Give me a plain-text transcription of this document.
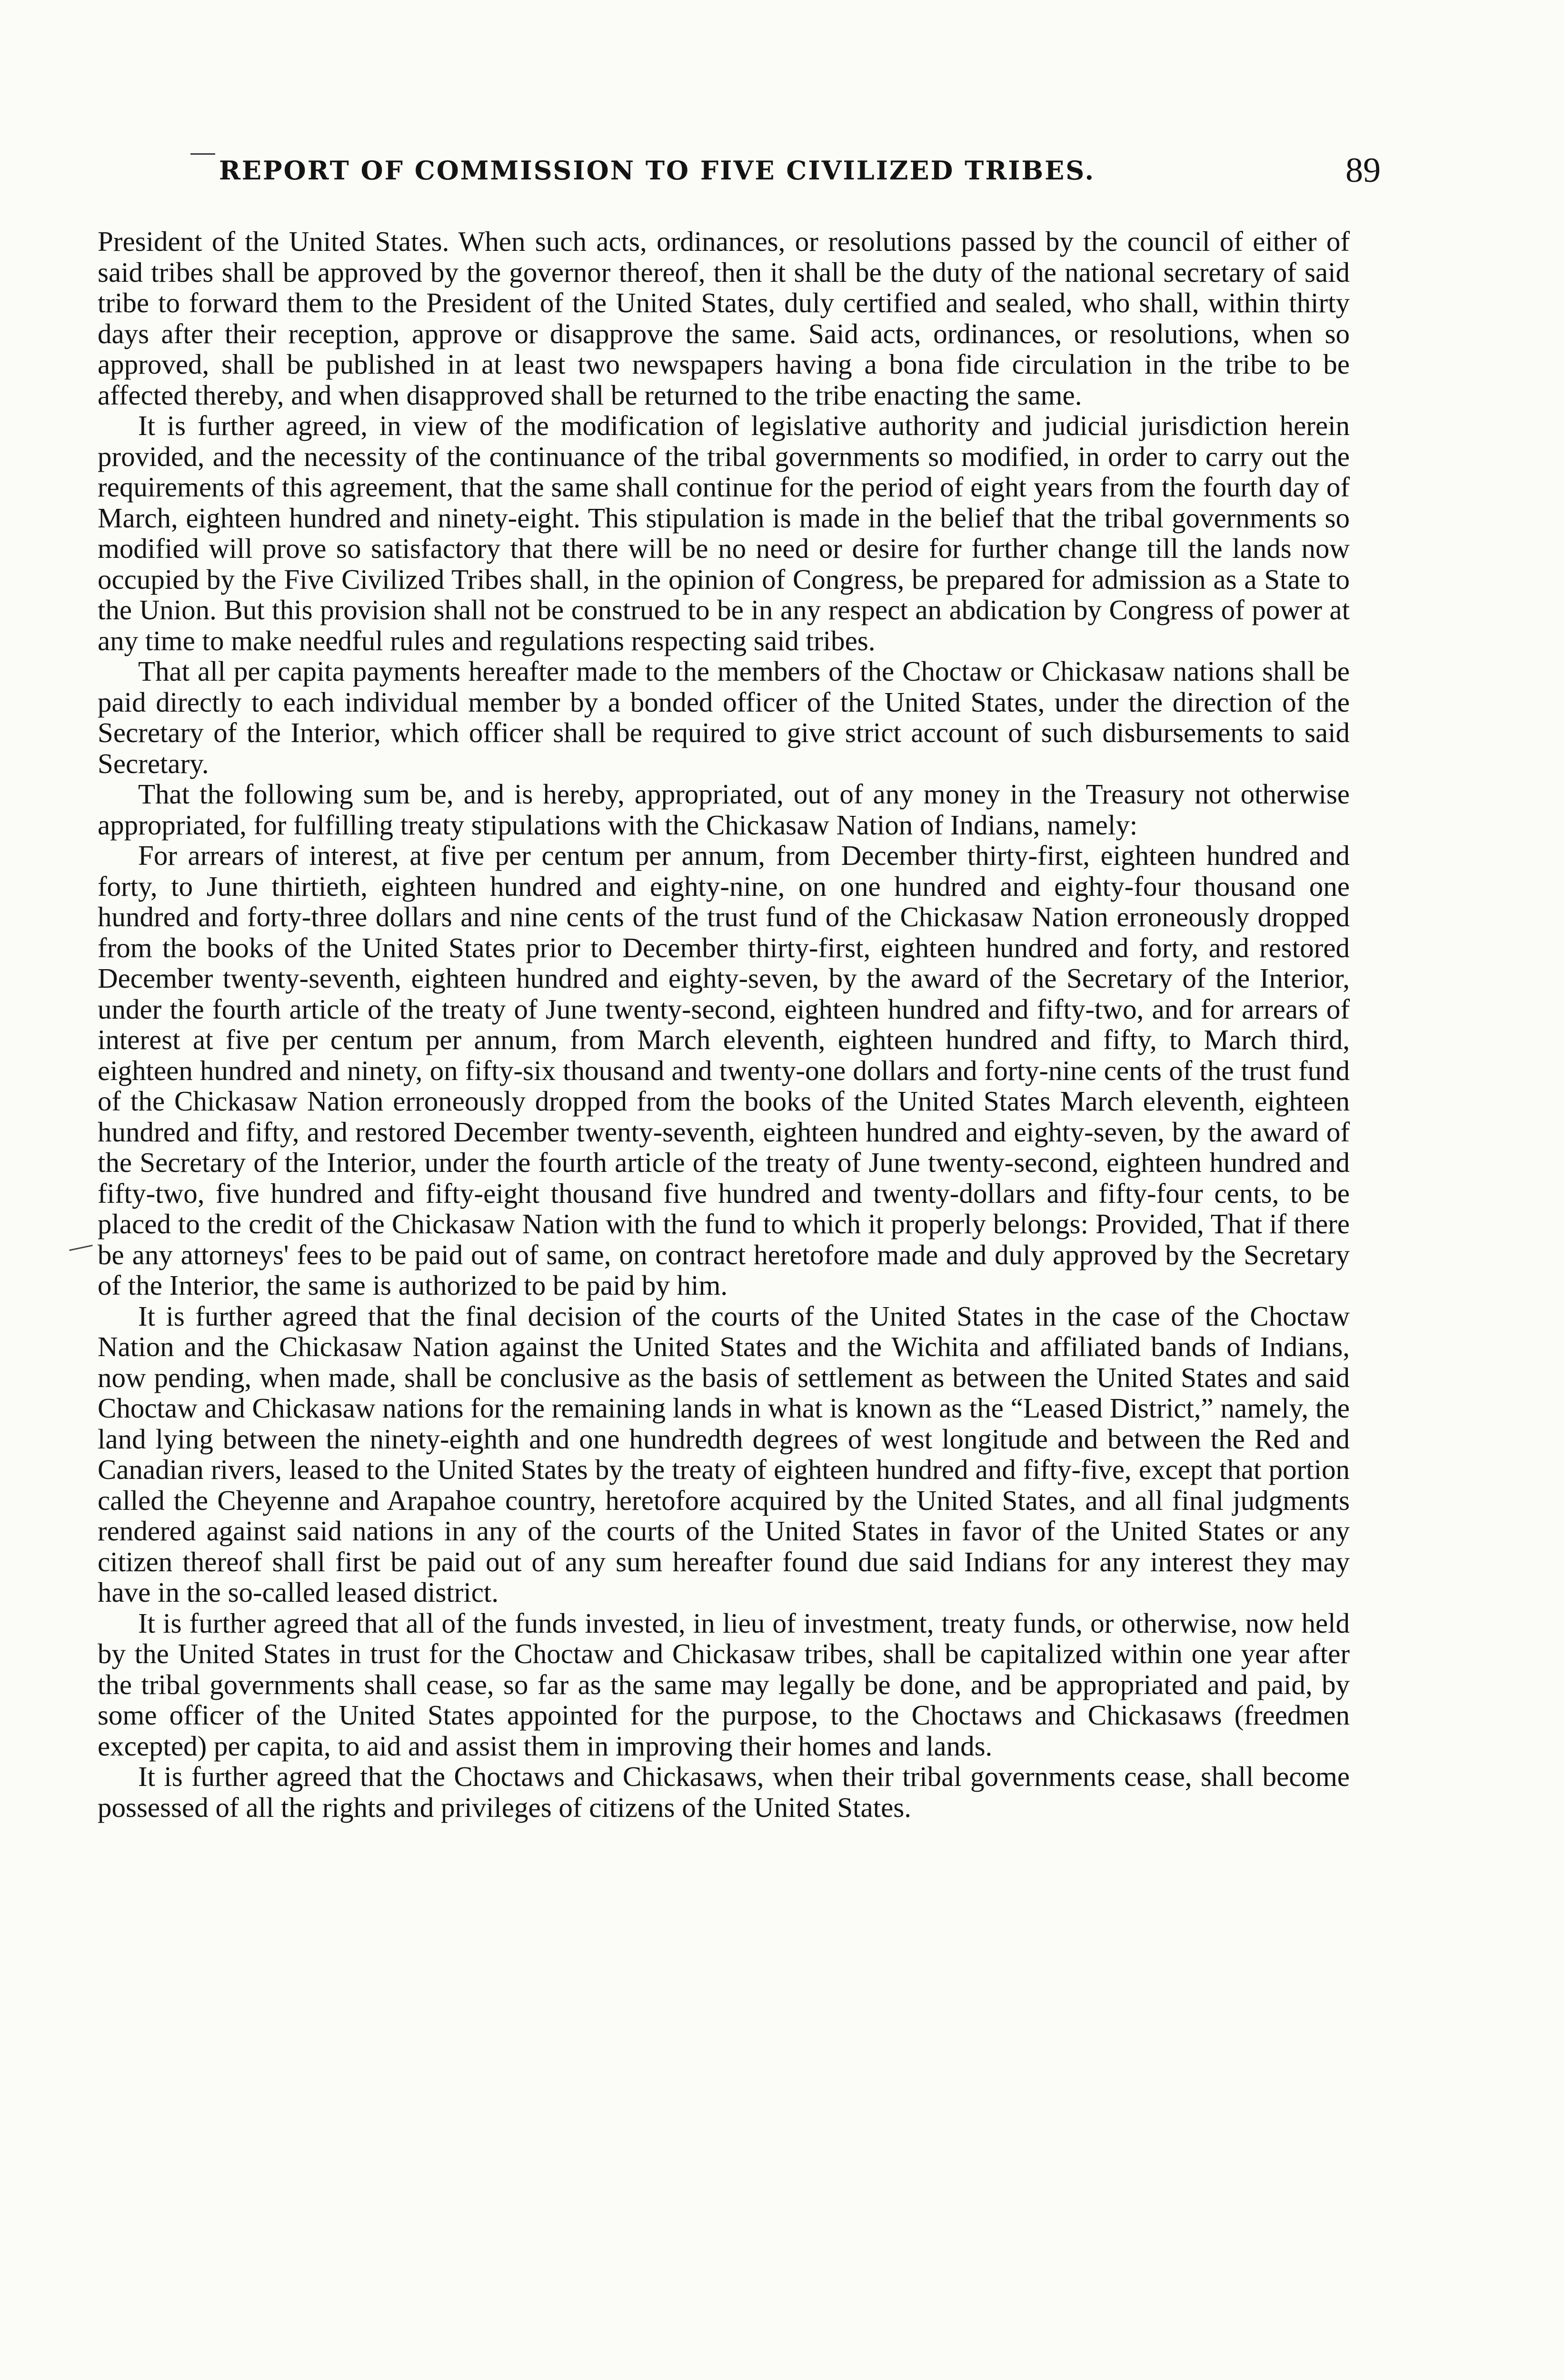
REPORT OF COMMISSION TO FIVE CIVILIZED TRIBES.	89

President of the United States. When such acts, ordinances, or resolutions passed by the council of either of said tribes shall be approved by the governor thereof, then it shall be the duty of the national secretary of said tribe to forward them to the President of the United States, duly certified and sealed, who shall, within thirty days after their reception, approve or disapprove the same. Said acts, ordinances, or resolutions, when so approved, shall be published in at least two newspapers having a bona fide circulation in the tribe to be affected thereby, and when disapproved shall be returned to the tribe enacting the same.

It is further agreed, in view of the modification of legislative authority and judicial jurisdiction herein provided, and the necessity of the continuance of the tribal governments so modified, in order to carry out the requirements of this agreement, that the same shall continue for the period of eight years from the fourth day of March, eighteen hundred and ninety-eight. This stipulation is made in the belief that the tribal governments so modified will prove so satisfactory that there will be no need or desire for further change till the lands now occupied by the Five Civilized Tribes shall, in the opinion of Congress, be prepared for admission as a State to the Union. But this provision shall not be construed to be in any respect an abdication by Congress of power at any time to make needful rules and regulations respecting said tribes.

That all per capita payments hereafter made to the members of the Choctaw or Chickasaw nations shall be paid directly to each individual member by a bonded officer of the United States, under the direction of the Secretary of the Interior, which officer shall be required to give strict account of such disbursements to said Secretary.

That the following sum be, and is hereby, appropriated, out of any money in the Treasury not otherwise appropriated, for fulfilling treaty stipulations with the Chickasaw Nation of Indians, namely:

For arrears of interest, at five per centum per annum, from December thirty-first, eighteen hundred and forty, to June thirtieth, eighteen hundred and eighty-nine, on one hundred and eighty-four thousand one hundred and forty-three dollars and nine cents of the trust fund of the Chickasaw Nation erroneously dropped from the books of the United States prior to December thirty-first, eighteen hundred and forty, and restored December twenty-seventh, eighteen hundred and eighty-seven, by the award of the Secretary of the Interior, under the fourth article of the treaty of June twenty-second, eighteen hundred and fifty-two, and for arrears of interest at five per centum per annum, from March eleventh, eighteen hundred and fifty, to March third, eighteen hundred and ninety, on fifty-six thousand and twenty-one dollars and forty-nine cents of the trust fund of the Chickasaw Nation erroneously dropped from the books of the United States March eleventh, eighteen hundred and fifty, and restored December twenty-seventh, eighteen hundred and eighty-seven, by the award of the Secretary of the Interior, under the fourth article of the treaty of June twenty-second, eighteen hundred and fifty-two, five hundred and fifty-eight thousand five hundred and twenty-dollars and fifty-four cents, to be placed to the credit of the Chickasaw Nation with the fund to which it properly belongs: Provided, That if there be any attorneys' fees to be paid out of same, on contract heretofore made and duly approved by the Secretary of the Interior, the same is authorized to be paid by him.

It is further agreed that the final decision of the courts of the United States in the case of the Choctaw Nation and the Chickasaw Nation against the United States and the Wichita and affiliated bands of Indians, now pending, when made, shall be conclusive as the basis of settlement as between the United States and said Choctaw and Chickasaw nations for the remaining lands in what is known as the “Leased District,” namely, the land lying between the ninety-eighth and one hundredth degrees of west longitude and between the Red and Canadian rivers, leased to the United States by the treaty of eighteen hundred and fifty-five, except that portion called the Cheyenne and Arapahoe country, heretofore acquired by the United States, and all final judgments rendered against said nations in any of the courts of the United States in favor of the United States or any citizen thereof shall first be paid out of any sum hereafter found due said Indians for any interest they may have in the so-called leased district.

It is further agreed that all of the funds invested, in lieu of investment, treaty funds, or otherwise, now held by the United States in trust for the Choctaw and Chickasaw tribes, shall be capitalized within one year after the tribal governments shall cease, so far as the same may legally be done, and be appropriated and paid, by some officer of the United States appointed for the purpose, to the Choctaws and Chickasaws (freedmen excepted) per capita, to aid and assist them in improving their homes and lands.

It is further agreed that the Choctaws and Chickasaws, when their tribal governments cease, shall become possessed of all the rights and privileges of citizens of the United States.
